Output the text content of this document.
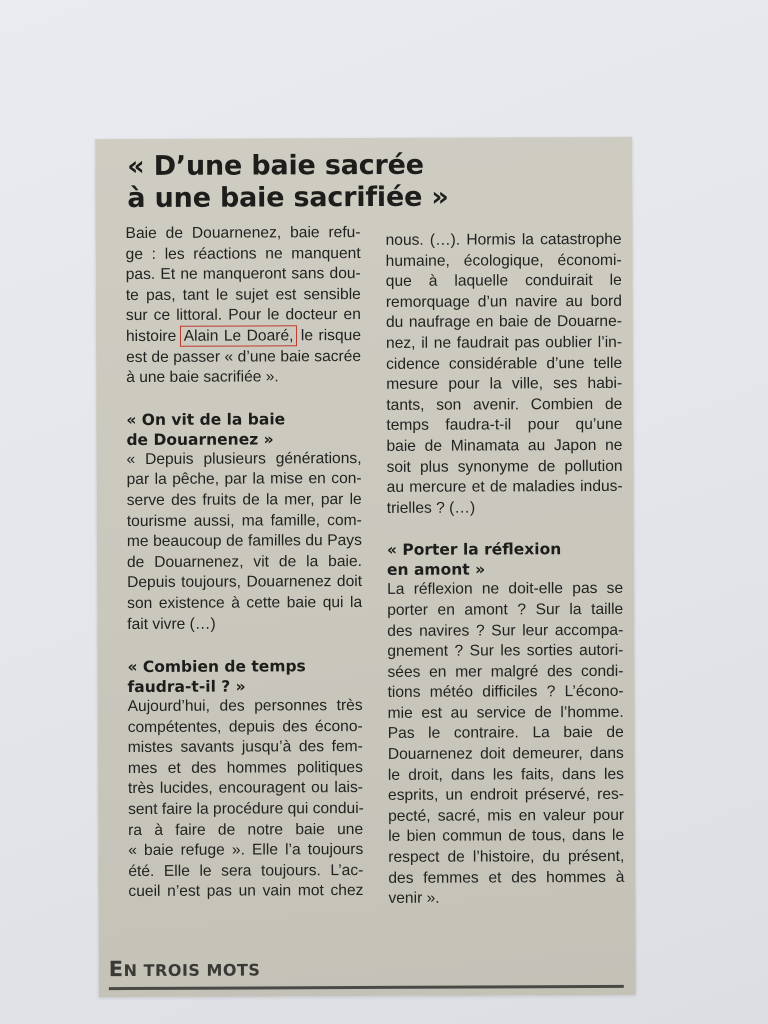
« D’une baie sacrée
à une baie sacrifiée »

Baie de Douarnenez, baie refu-

ge : les réactions ne manquent

pas. Et ne manqueront sans dou-

te pas, tant le sujet est sensible

sur ce littoral. Pour le docteur en

histoire Alain Le Doaré, le risque

est de passer « d’une baie sacrée

à une baie sacrifiée ».

« On vit de la baie
de Douarnenez »

« Depuis plusieurs générations,

par la pêche, par la mise en con-

serve des fruits de la mer, par le

tourisme aussi, ma famille, com-

me beaucoup de familles du Pays

de Douarnenez, vit de la baie.

Depuis toujours, Douarnenez doit

son existence à cette baie qui la

fait vivre (…)

« Combien de temps
faudra-t-il ? »

Aujourd’hui, des personnes très

compétentes, depuis des écono-

mistes savants jusqu’à des fem-

mes et des hommes politiques

très lucides, encouragent ou lais-

sent faire la procédure qui condui-

ra à faire de notre baie une

« baie refuge ». Elle l’a toujours

été. Elle le sera toujours. L’ac-

cueil n’est pas un vain mot chez

nous. (…). Hormis la catastrophe

humaine, écologique, économi-

que à laquelle conduirait le

remorquage d’un navire au bord

du naufrage en baie de Douarne-

nez, il ne faudrait pas oublier l’in-

cidence considérable d’une telle

mesure pour la ville, ses habi-

tants, son avenir. Combien de

temps faudra-t-il pour qu’une

baie de Minamata au Japon ne

soit plus synonyme de pollution

au mercure et de maladies indus-

trielles ? (…)

« Porter la réflexion
en amont »

La réflexion ne doit-elle pas se

porter en amont ? Sur la taille

des navires ? Sur leur accompa-

gnement ? Sur les sorties autori-

sées en mer malgré des condi-

tions météo difficiles ? L’écono-

mie est au service de l’homme.

Pas le contraire. La baie de

Douarnenez doit demeurer, dans

le droit, dans les faits, dans les

esprits, un endroit préservé, res-

pecté, sacré, mis en valeur pour

le bien commun de tous, dans le

respect de l’histoire, du présent,

des femmes et des hommes à

venir ».

EN TROIS MOTS
